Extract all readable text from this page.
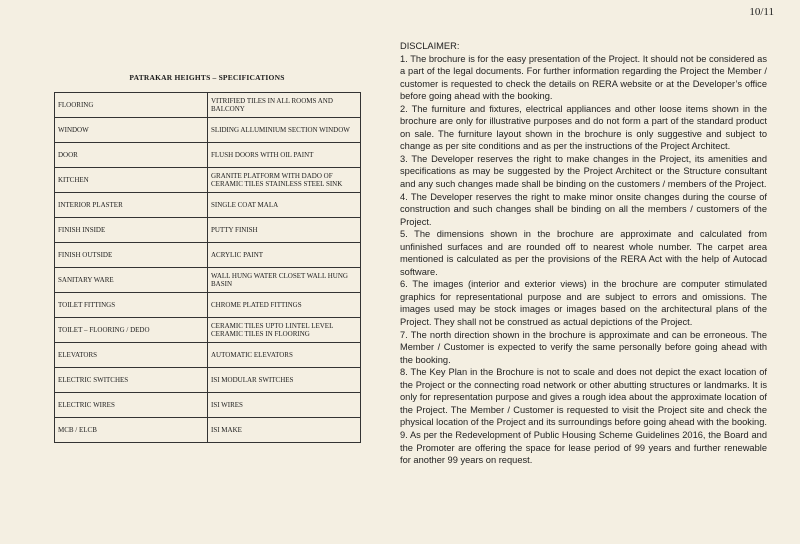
10/11
PATRAKAR HEIGHTS – SPECIFICATIONS
FLOORING	VITRIFIED TILES IN ALL ROOMS AND BALCONY
WINDOW	SLIDING ALLUMINIUM SECTION WINDOW
DOOR	FLUSH DOORS WITH OIL PAINT
KITCHEN	GRANITE PLATFORM WITH DADO OF CERAMIC TILES STAINLESS STEEL SINK
INTERIOR PLASTER	SINGLE COAT MALA
FINISH INSIDE	PUTTY FINISH
FINISH OUTSIDE	ACRYLIC PAINT
SANITARY WARE	WALL HUNG WATER CLOSET WALL HUNG BASIN
TOILET FITTINGS	CHROME PLATED FITTINGS
TOILET – FLOORING / DEDO	CERAMIC TILES UPTO LINTEL LEVEL CERAMIC TILES IN FLOORING
ELEVATORS	AUTOMATIC ELEVATORS
ELECTRIC SWITCHES	ISI MODULAR SWITCHES
ELECTRIC WIRES	ISI WIRES
MCB / ELCB	ISI MAKE

DISCLAIMER:

1. The brochure is for the easy presentation of the Project. It should not be considered as a part of the legal documents. For further information regarding the Project the Member / customer is requested to check the details on RERA website or at the Developer’s office before going ahead with the booking.

2. The furniture and fixtures, electrical appliances and other loose items shown in the brochure are only for illustrative purposes and do not form a part of the standard product on sale. The furniture layout shown in the brochure is only suggestive and subject to change as per site conditions and as per the instructions of the Project Architect.

3. The Developer reserves the right to make changes in the Project, its amenities and specifications as may be suggested by the Project Architect or the Structure consultant and any such changes made shall be binding on the customers / members of the Project.

4. The Developer reserves the right to make minor onsite changes during the course of construction and such changes shall be binding on all the members / customers of the Project.

5. The dimensions shown in the brochure are approximate and calculated from unfinished surfaces and are rounded off to nearest whole number. The carpet area mentioned is calculated as per the provisions of the RERA Act with the help of Autocad software.

6. The images (interior and exterior views) in the brochure are computer stimulated graphics for representational purpose and are subject to errors and omissions. The images used may be stock images or images based on the architectural plans of the Project. They shall not be construed as actual depictions of the Project.

7. The north direction shown in the brochure is approximate and can be erroneous. The Member / Customer is expected to verify the same personally before going ahead with the booking.

8. The Key Plan in the Brochure is not to scale and does not depict the exact location of the Project or the connecting road network or other abutting structures or landmarks. It is only for representation purpose and gives a rough idea about the approximate location of the Project. The Member / Customer is requested to visit the Project site and check the physical location of the Project and its surroundings before going ahead with the booking.

9. As per the Redevelopment of Public Housing Scheme Guidelines 2016, the Board and the Promoter are offering the space for lease period of 99 years and further renewable for another 99 years on request.
